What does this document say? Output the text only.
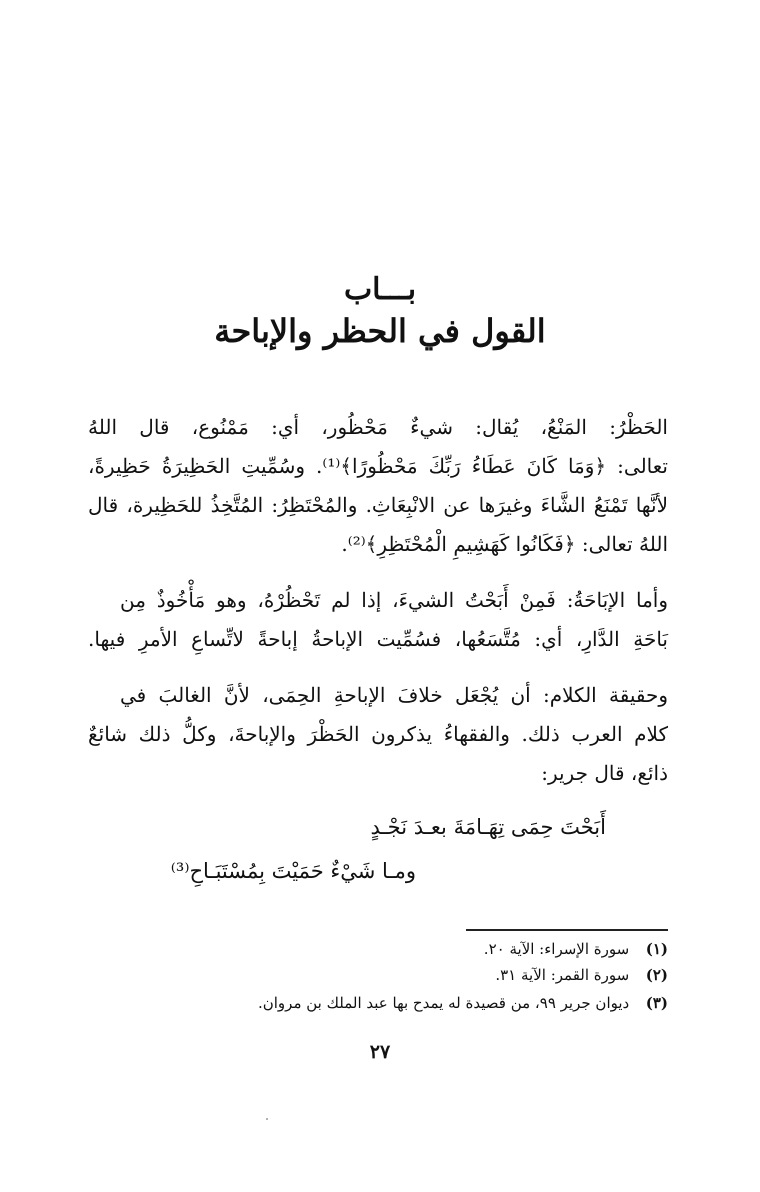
بـــاب
القول في الحظر والإباحة
الحَظْرُ: المَنْعُ، يُقال: شيءٌ مَحْظُور، أي: مَمْنُوع، قال اللهُ
تعالى: ﴿وَمَا كَانَ عَطَاءُ رَبِّكَ مَحْظُورًا﴾⁽¹⁾. وسُمِّيتِ الحَظِيرَةُ حَظِيرةً،
لأنَّها تَمْنَعُ الشَّاءَ وغيرَها عن الانْبِعَاثِ. والمُحْتَظِرُ: المُتَّخِذُ للحَظِيرة، قال
اللهُ تعالى: ﴿فَكَانُوا كَهَشِيمِ الْمُحْتَظِرِ﴾⁽²⁾.
وأما الإبَاحَةُ: فَمِنْ أَبَحْتُ الشيءَ، إذا لم تَحْظُرْهُ، وهو مَأْخُوذٌ مِن
بَاحَةِ الدَّارِ، أي: مُتَّسَعُها، فسُمِّيت الإباحةُ إباحةً لاتِّساعِ الأمرِ فيها.
وحقيقة الكلام: أن يُجْعَل خلافَ الإباحةِ الحِمَى، لأنَّ الغالبَ في
كلام العرب ذلك. والفقهاءُ يذكرون الحَظْرَ والإباحةَ، وكلُّ ذلك شائعٌ
ذائع، قال جرير:
أَبَحْتَ حِمَى تِهَـامَةَ بعـدَ نَجْـدٍ
ومـا شَيْءٌ حَمَيْتَ بِمُسْتَبَـاحِ⁽³⁾
(١) سورة الإسراء: الآية ٢٠.
(٢) سورة القمر: الآية ٣١.
(٣) ديوان جرير ٩٩، من قصيدة له يمدح بها عبد الملك بن مروان.
٢٧
